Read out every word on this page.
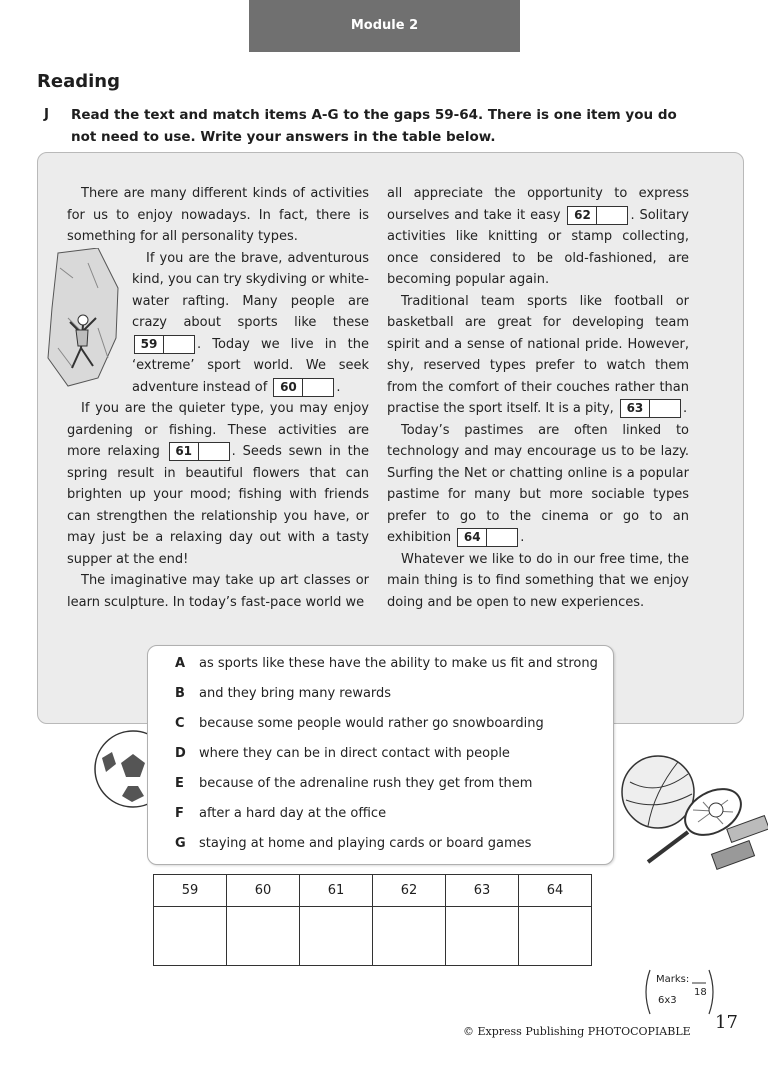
Module 2
Reading
J Read the text and match items A-G to the gaps 59-64. There is one item you do not need to use. Write your answers in the table below.

There are many different kinds of activities for us to enjoy nowadays. In fact, there is something for all personality types.

If you are the brave, adventurous kind, you can try skydiving or white-water rafting. Many people are crazy about sports like these 59	. Today we live in the ‘extreme’ sport world. We seek adventure instead of 60	.

If you are the quieter type, you may enjoy gardening or fishing. These activities are more relaxing 61	. Seeds sewn in the spring result in beautiful flowers that can brighten up your mood; fishing with friends can strengthen the relationship you have, or may just be a relaxing day out with a tasty supper at the end!

The imaginative may take up art classes or learn sculpture. In today’s fast-pace world we

all appreciate the opportunity to express ourselves and take it easy 62	. Solitary activities like knitting or stamp collecting, once considered to be old-fashioned, are becoming popular again.

Traditional team sports like football or basketball are great for developing team spirit and a sense of national pride. However, shy, reserved types prefer to watch them from the comfort of their couches rather than practise the sport itself. It is a pity, 63	.

Today’s pastimes are often linked to technology and may encourage us to be lazy. Surfing the Net or chatting online is a popular pastime for many but more sociable types prefer to go to the cinema or go to an exhibition 64	.

Whatever we like to do in our free time, the main thing is to find something that we enjoy doing and be open to new experiences.

A as sports like these have the ability to make us fit and strong
B and they bring many rewards
C because some people would rather go snowboarding
D where they can be in direct contact with people
E because of the adrenaline rush they get from them
F after a hard day at the office
G staying at home and playing cards or board games
59	60	61	62	63	64

Marks:
6x3
18
© Express Publishing PHOTOCOPIABLE 17
